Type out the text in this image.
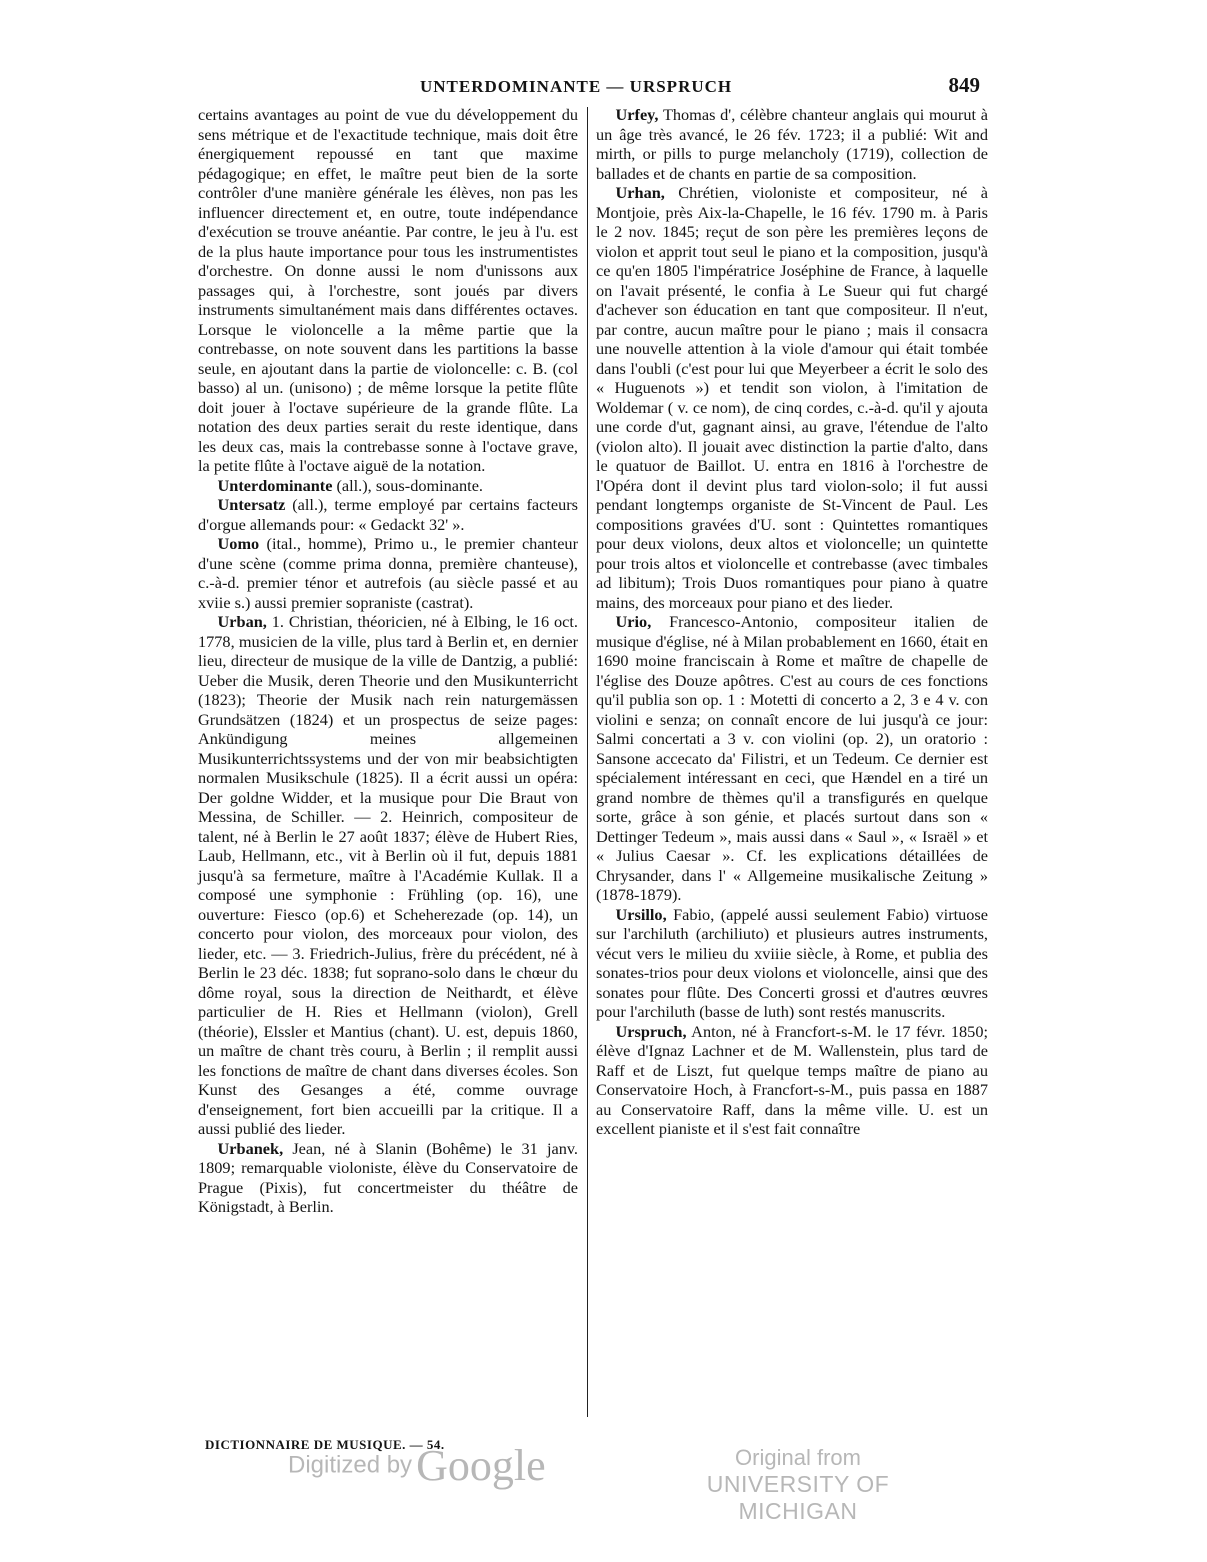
UNTERDOMINANTE — URSPRUCH	849

certains avantages au point de vue du développement du sens métrique et de l'exactitude technique, mais doit être énergiquement repoussé en tant que maxime pédagogique; en effet, le maître peut bien de la sorte contrôler d'une manière générale les élèves, non pas les influencer directement et, en outre, toute indépendance d'exécution se trouve anéantie. Par contre, le jeu à l'u. est de la plus haute importance pour tous les instrumentistes d'orchestre. On donne aussi le nom d'unissons aux passages qui, à l'orchestre, sont joués par divers instruments simultanément mais dans différentes octaves. Lorsque le violoncelle a la même partie que la contrebasse, on note souvent dans les partitions la basse seule, en ajoutant dans la partie de violoncelle: c. B. (col basso) al un. (unisono) ; de même lorsque la petite flûte doit jouer à l'octave supérieure de la grande flûte. La notation des deux parties serait du reste identique, dans les deux cas, mais la contrebasse sonne à l'octave grave, la petite flûte à l'octave aiguë de la notation.

Unterdominante (all.), sous-dominante.

Untersatz (all.), terme employé par certains facteurs d'orgue allemands pour: « Gedackt 32' ».

Uomo (ital., homme), Primo u., le premier chanteur d'une scène (comme prima donna, première chanteuse), c.-à-d. premier ténor et autrefois (au siècle passé et au xviie s.) aussi premier sopraniste (castrat).

Urban, 1. Christian, théoricien, né à Elbing, le 16 oct. 1778, musicien de la ville, plus tard à Berlin et, en dernier lieu, directeur de musique de la ville de Dantzig, a publié: Ueber die Musik, deren Theorie und den Musikunterricht (1823); Theorie der Musik nach rein naturgemässen Grundsätzen (1824) et un prospectus de seize pages: Ankündigung meines allgemeinen Musikunterrichtssystems und der von mir beabsichtigten normalen Musikschule (1825). Il a écrit aussi un opéra: Der goldne Widder, et la musique pour Die Braut von Messina, de Schiller. — 2. Heinrich, compositeur de talent, né à Berlin le 27 août 1837; élève de Hubert Ries, Laub, Hellmann, etc., vit à Berlin où il fut, depuis 1881 jusqu'à sa fermeture, maître à l'Académie Kullak. Il a composé une symphonie : Frühling (op. 16), une ouverture: Fiesco (op.6) et Scheherezade (op. 14), un concerto pour violon, des morceaux pour violon, des lieder, etc. — 3. Friedrich-Julius, frère du précédent, né à Berlin le 23 déc. 1838; fut soprano-solo dans le chœur du dôme royal, sous la direction de Neithardt, et élève particulier de H. Ries et Hellmann (violon), Grell (théorie), Elssler et Mantius (chant). U. est, depuis 1860, un maître de chant très couru, à Berlin ; il remplit aussi les fonctions de maître de chant dans diverses écoles. Son Kunst des Gesanges a été, comme ouvrage d'enseignement, fort bien accueilli par la critique. Il a aussi publié des lieder.

Urbanek, Jean, né à Slanin (Bohême) le 31 janv. 1809; remarquable violoniste, élève du Conservatoire de Prague (Pixis), fut concertmeister du théâtre de Königstadt, à Berlin.

Urfey, Thomas d', célèbre chanteur anglais qui mourut à un âge très avancé, le 26 fév. 1723; il a publié: Wit and mirth, or pills to purge melancholy (1719), collection de ballades et de chants en partie de sa composition.

Urhan, Chrétien, violoniste et compositeur, né à Montjoie, près Aix-la-Chapelle, le 16 fév. 1790 m. à Paris le 2 nov. 1845; reçut de son père les premières leçons de violon et apprit tout seul le piano et la composition, jusqu'à ce qu'en 1805 l'impératrice Joséphine de France, à laquelle on l'avait présenté, le confia à Le Sueur qui fut chargé d'achever son éducation en tant que compositeur. Il n'eut, par contre, aucun maître pour le piano ; mais il consacra une nouvelle attention à la viole d'amour qui était tombée dans l'oubli (c'est pour lui que Meyerbeer a écrit le solo des « Huguenots ») et tendit son violon, à l'imitation de Woldemar ( v. ce nom), de cinq cordes, c.-à-d. qu'il y ajouta une corde d'ut, gagnant ainsi, au grave, l'étendue de l'alto (violon alto). Il jouait avec distinction la partie d'alto, dans le quatuor de Baillot. U. entra en 1816 à l'orchestre de l'Opéra dont il devint plus tard violon-solo; il fut aussi pendant longtemps organiste de St-Vincent de Paul. Les compositions gravées d'U. sont : Quintettes romantiques pour deux violons, deux altos et violoncelle; un quintette pour trois altos et violoncelle et contrebasse (avec timbales ad libitum); Trois Duos romantiques pour piano à quatre mains, des morceaux pour piano et des lieder.

Urio, Francesco-Antonio, compositeur italien de musique d'église, né à Milan probablement en 1660, était en 1690 moine franciscain à Rome et maître de chapelle de l'église des Douze apôtres. C'est au cours de ces fonctions qu'il publia son op. 1 : Motetti di concerto a 2, 3 e 4 v. con violini e senza; on connaît encore de lui jusqu'à ce jour: Salmi concertati a 3 v. con violini (op. 2), un oratorio : Sansone accecato da' Filistri, et un Tedeum. Ce dernier est spécialement intéressant en ceci, que Hændel en a tiré un grand nombre de thèmes qu'il a transfigurés en quelque sorte, grâce à son génie, et placés surtout dans son « Dettinger Tedeum », mais aussi dans « Saul », « Israël » et « Julius Caesar ». Cf. les explications détaillées de Chrysander, dans l' « Allgemeine musikalische Zeitung » (1878-1879).

Ursillo, Fabio, (appelé aussi seulement Fabio) virtuose sur l'archiluth (archiliuto) et plusieurs autres instruments, vécut vers le milieu du xviiie siècle, à Rome, et publia des sonates-trios pour deux violons et violoncelle, ainsi que des sonates pour flûte. Des Concerti grossi et d'autres œuvres pour l'archiluth (basse de luth) sont restés manuscrits.

Urspruch, Anton, né à Francfort-s-M. le 17 févr. 1850; élève d'Ignaz Lachner et de M. Wallenstein, plus tard de Raff et de Liszt, fut quelque temps maître de piano au Conservatoire Hoch, à Francfort-s-M., puis passa en 1887 au Conservatoire Raff, dans la même ville. U. est un excellent pianiste et il s'est fait connaître

DICTIONNAIRE DE MUSIQUE. — 54.
Digitized byGoogle	Original from
UNIVERSITY OF MICHIGAN
